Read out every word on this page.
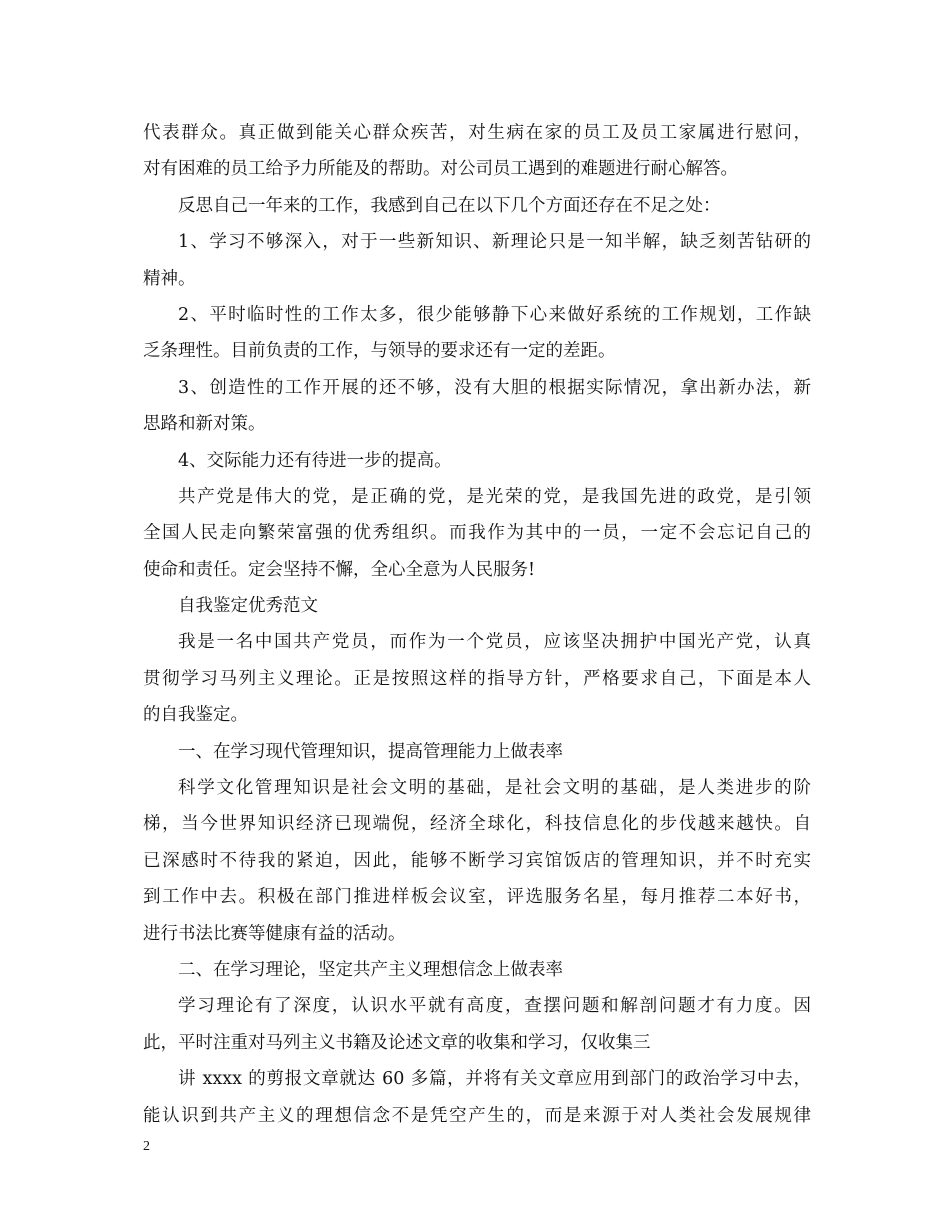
代表群众。真正做到能关心群众疾苦，对生病在家的员工及员工家属进行慰问，
对有困难的员工给予力所能及的帮助。对公司员工遇到的难题进行耐心解答。
反思自己一年来的工作，我感到自己在以下几个方面还存在不足之处：
1、学习不够深入，对于一些新知识、新理论只是一知半解，缺乏刻苦钻研的
精神。
2、平时临时性的工作太多，很少能够静下心来做好系统的工作规划，工作缺
乏条理性。目前负责的工作，与领导的要求还有一定的差距。
3、创造性的工作开展的还不够，没有大胆的根据实际情况，拿出新办法，新
思路和新对策。
4、交际能力还有待进一步的提高。
共产党是伟大的党，是正确的党，是光荣的党，是我国先进的政党，是引领
全国人民走向繁荣富强的优秀组织。而我作为其中的一员，一定不会忘记自己的
使命和责任。定会坚持不懈，全心全意为人民服务!
自我鉴定优秀范文
我是一名中国共产党员，而作为一个党员，应该坚决拥护中国光产党，认真
贯彻学习马列主义理论。正是按照这样的指导方针，严格要求自己，下面是本人
的自我鉴定。
一、在学习现代管理知识，提高管理能力上做表率
科学文化管理知识是社会文明的基础，是社会文明的基础，是人类进步的阶
梯，当今世界知识经济已现端倪，经济全球化，科技信息化的步伐越来越快。自
已深感时不待我的紧迫，因此，能够不断学习宾馆饭店的管理知识，并不时充实
到工作中去。积极在部门推进样板会议室，评选服务名星，每月推荐二本好书，
进行书法比赛等健康有益的活动。
二、在学习理论，坚定共产主义理想信念上做表率
学习理论有了深度，认识水平就有高度，查摆问题和解剖问题才有力度。因
此，平时注重对马列主义书籍及论述文章的收集和学习，仅收集三
讲 xxxx 的剪报文章就达 60 多篇，并将有关文章应用到部门的政治学习中去，
能认识到共产主义的理想信念不是凭空产生的，而是来源于对人类社会发展规律
2
